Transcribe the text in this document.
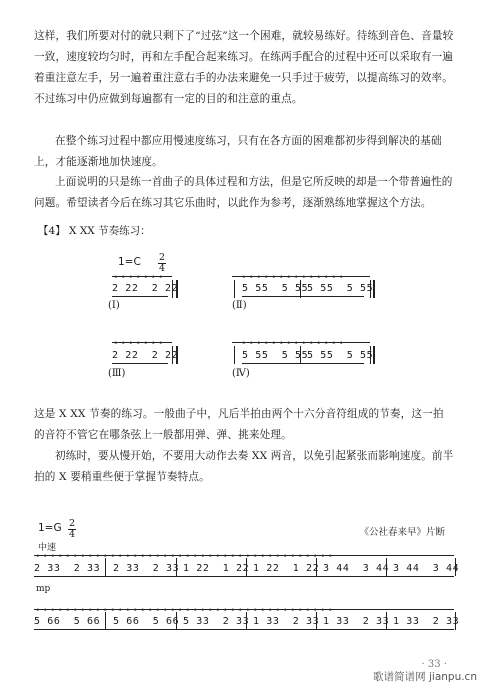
这样，我们所要对付的就只剩下了“过弦”这一个困难，就较易练好。待练到音色、音量较一致，速度较均匀时，再和左手配合起来练习。在练两手配合的过程中还可以采取有一遍着重注意左手，另一遍着重注意右手的办法来避免一只手过于疲劳，以提高练习的效率。不过练习中仍应做到每遍都有一定的目的和注意的重点。

在整个练习过程中都应用慢速度练习，只有在各方面的困难都初步得到解决的基础上，才能逐渐地加快速度。

上面说明的只是练一首曲子的具体过程和方法，但是它所反映的却是一个带普遍性的问题。希望读者今后在练习其它乐曲时，以此作为参考，逐渐熟练地掌握这个方法。

【4】 X XX 节奏练习：
1=C 2
4
°°°°°°°	°°°°°°°°°°°°°°
2 22  2 22	5 55  5 55
5 55  5 55
(Ⅰ)	(Ⅱ)
°°°°°°°	°°°°°°°°°°°°°°
2 22  2 22	5 55  5 55
5 55  5 55
(Ⅲ)	(Ⅳ)

这是 X XX 节奏的练习。一般曲子中，凡后半拍由两个十六分音符组成的节奏，这一拍的音符不管它在哪条弦上一般都用弹、弹、挑来处理。

初练时，要从慢开始，不要用大动作去奏 XX 两音，以免引起紧张而影响速度。前半拍的 X 要稍重些便于掌握节奏特点。

1=G 2
4	《公社春来早》片断
中速
°°°°°°°°°°°°°°°°°°°°°°°°°°°°°°°°°°°°°°°°
2 33  2 33 2 33  2 33 1 22  1 22 1 22  1 22 3 44  3 44 3 44  3 44
mp
°°°°°°°°°°°°°°°°°°°°°°°°°°°°°°°°°°°°°°°°
5 66  5 66 5 66  5 66 5 33  2 33 1 33  2 33 1 33  2 33 1 33  2 33
· 33 ·
歌谱简谱网 jianpu.cn
